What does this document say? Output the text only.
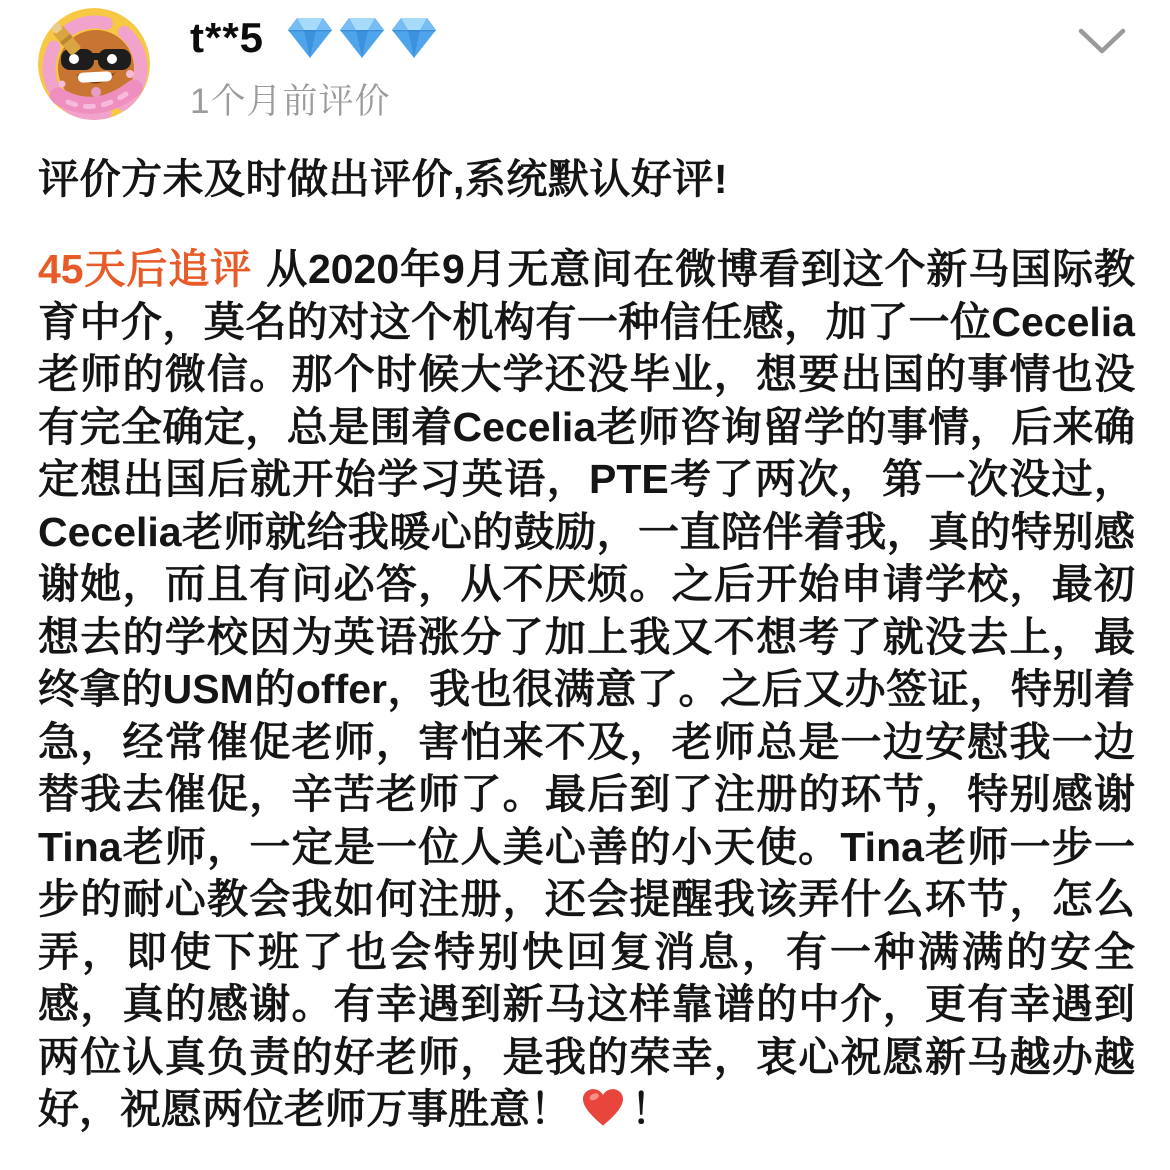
t**5
1个月前评价
评价方未及时做出评价,系统默认好评!
45天后追评 从2020年9月无意间在微博看到这个新马国际教育中介，莫名的对这个机构有一种信任感，加了一位Cecelia老师的微信。那个时候大学还没毕业，想要出国的事情也没有完全确定，总是围着Cecelia老师咨询留学的事情，后来确定想出国后就开始学习英语，PTE考了两次，第一次没过，Cecelia老师就给我暖心的鼓励，一直陪伴着我，真的特别感谢她，而且有问必答，从不厌烦。之后开始申请学校，最初想去的学校因为英语涨分了加上我又不想考了就没去上，最终拿的USM的offer，我也很满意了。之后又办签证，特别着急，经常催促老师，害怕来不及，老师总是一边安慰我一边替我去催促，辛苦老师了。最后到了注册的环节，特别感谢Tina老师，一定是一位人美心善的小天使。Tina老师一步一步的耐心教会我如何注册，还会提醒我该弄什么环节，怎么弄，即使下班了也会特别快回复消息，有一种满满的安全感，真的感谢。有幸遇到新马这样靠谱的中介，更有幸遇到两位认真负责的好老师，是我的荣幸，衷心祝愿新马越办越好，祝愿两位老师万事胜意！ ！
